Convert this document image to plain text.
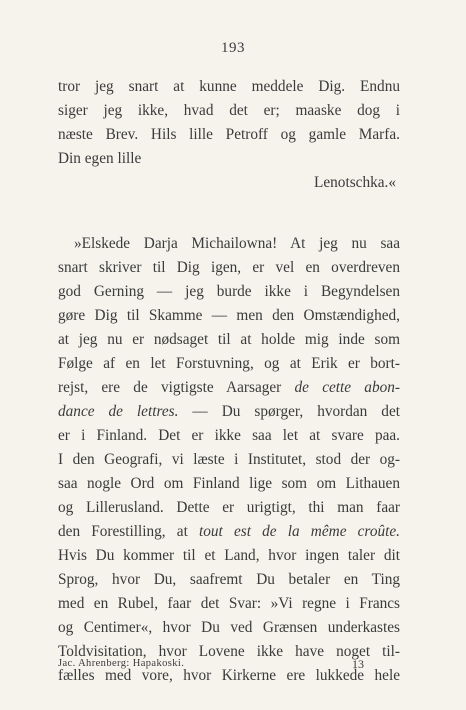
193
tror jeg snart at kunne meddele Dig. Endnu
siger jeg ikke, hvad det er; maaske dog i
næste Brev. Hils lille Petroff og gamle Marfa.
Din egen lille
Lenotschka.«
»Elskede Darja Michailowna! At jeg nu saa
snart skriver til Dig igen, er vel en overdreven
god Gerning — jeg burde ikke i Begyndelsen
gøre Dig til Skamme — men den Omstændighed,
at jeg nu er nødsaget til at holde mig inde som
Følge af en let Forstuvning, og at Erik er bort-
rejst, ere de vigtigste Aarsager de cette abon-
dance de lettres. — Du spørger, hvordan det
er i Finland. Det er ikke saa let at svare paa.
I den Geografi, vi læste i Institutet, stod der og-
saa nogle Ord om Finland lige som om Lithauen
og Lillerusland. Dette er urigtigt, thi man faar
den Forestilling, at tout est de la même croûte.
Hvis Du kommer til et Land, hvor ingen taler dit
Sprog, hvor Du, saafremt Du betaler en Ting
med en Rubel, faar det Svar: »Vi regne i Francs
og Centimer«, hvor Du ved Grænsen underkastes
Toldvisitation, hvor Lovene ikke have noget til-
fælles med vore, hvor Kirkerne ere lukkede hele
Jac. Ahrenberg: Hapakoski.	13
